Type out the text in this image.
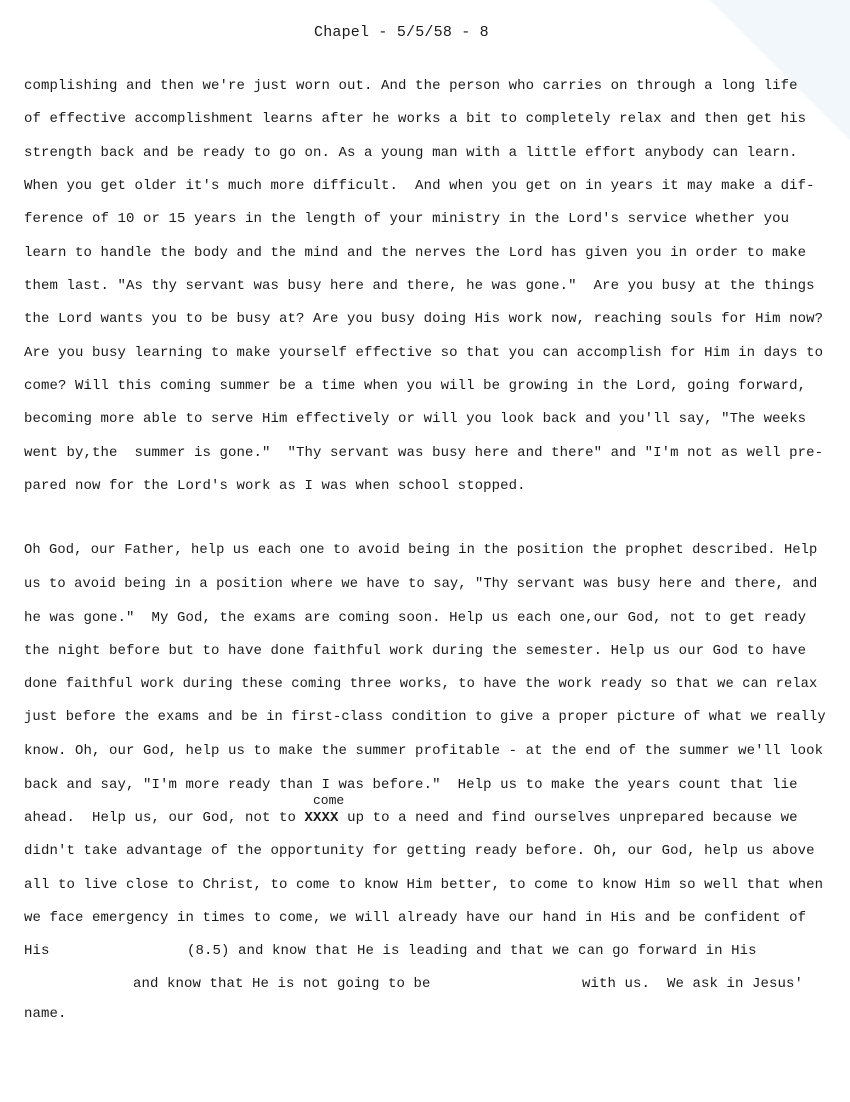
Chapel - 5/5/58 - 8
complishing and then we're just worn out. And the person who carries on through a long life
of effective accomplishment learns after he works a bit to completely relax and then get his
strength back and be ready to go on. As a young man with a little effort anybody can learn.
When you get older it's much more difficult.  And when you get on in years it may make a dif-
ference of 10 or 15 years in the length of your ministry in the Lord's service whether you
learn to handle the body and the mind and the nerves the Lord has given you in order to make
them last. "As thy servant was busy here and there, he was gone."  Are you busy at the things
the Lord wants you to be busy at? Are you busy doing His work now, reaching souls for Him now?
Are you busy learning to make yourself effective so that you can accomplish for Him in days to
come? Will this coming summer be a time when you will be growing in the Lord, going forward,
becoming more able to serve Him effectively or will you look back and you'll say, "The weeks
went by,the  summer is gone."  "Thy servant was busy here and there" and "I'm not as well pre-
pared now for the Lord's work as I was when school stopped.
Oh God, our Father, help us each one to avoid being in the position the prophet described. Help
us to avoid being in a position where we have to say, "Thy servant was busy here and there, and
he was gone."  My God, the exams are coming soon. Help us each one,our God, not to get ready
the night before but to have done faithful work during the semester. Help us our God to have
done faithful work during these coming three works, to have the work ready so that we can relax
just before the exams and be in first-class condition to give a proper picture of what we really
know. Oh, our God, help us to make the summer profitable - at the end of the summer we'll look
back and say, "I'm more ready than I was before."  Help us to make the years count that lie
come
ahead.  Help us, our God, not to XXXX up to a need and find ourselves unprepared because we
didn't take advantage of the opportunity for getting ready before. Oh, our God, help us above
all to live close to Christ, to come to know Him better, to come to know Him so well that when
we face emergency in times to come, we will already have our hand in His and be confident of
His	(8.5) and know that He is leading and that we can go forward in His
and know that He is not going to be	with us.  We ask in Jesus'
name.
